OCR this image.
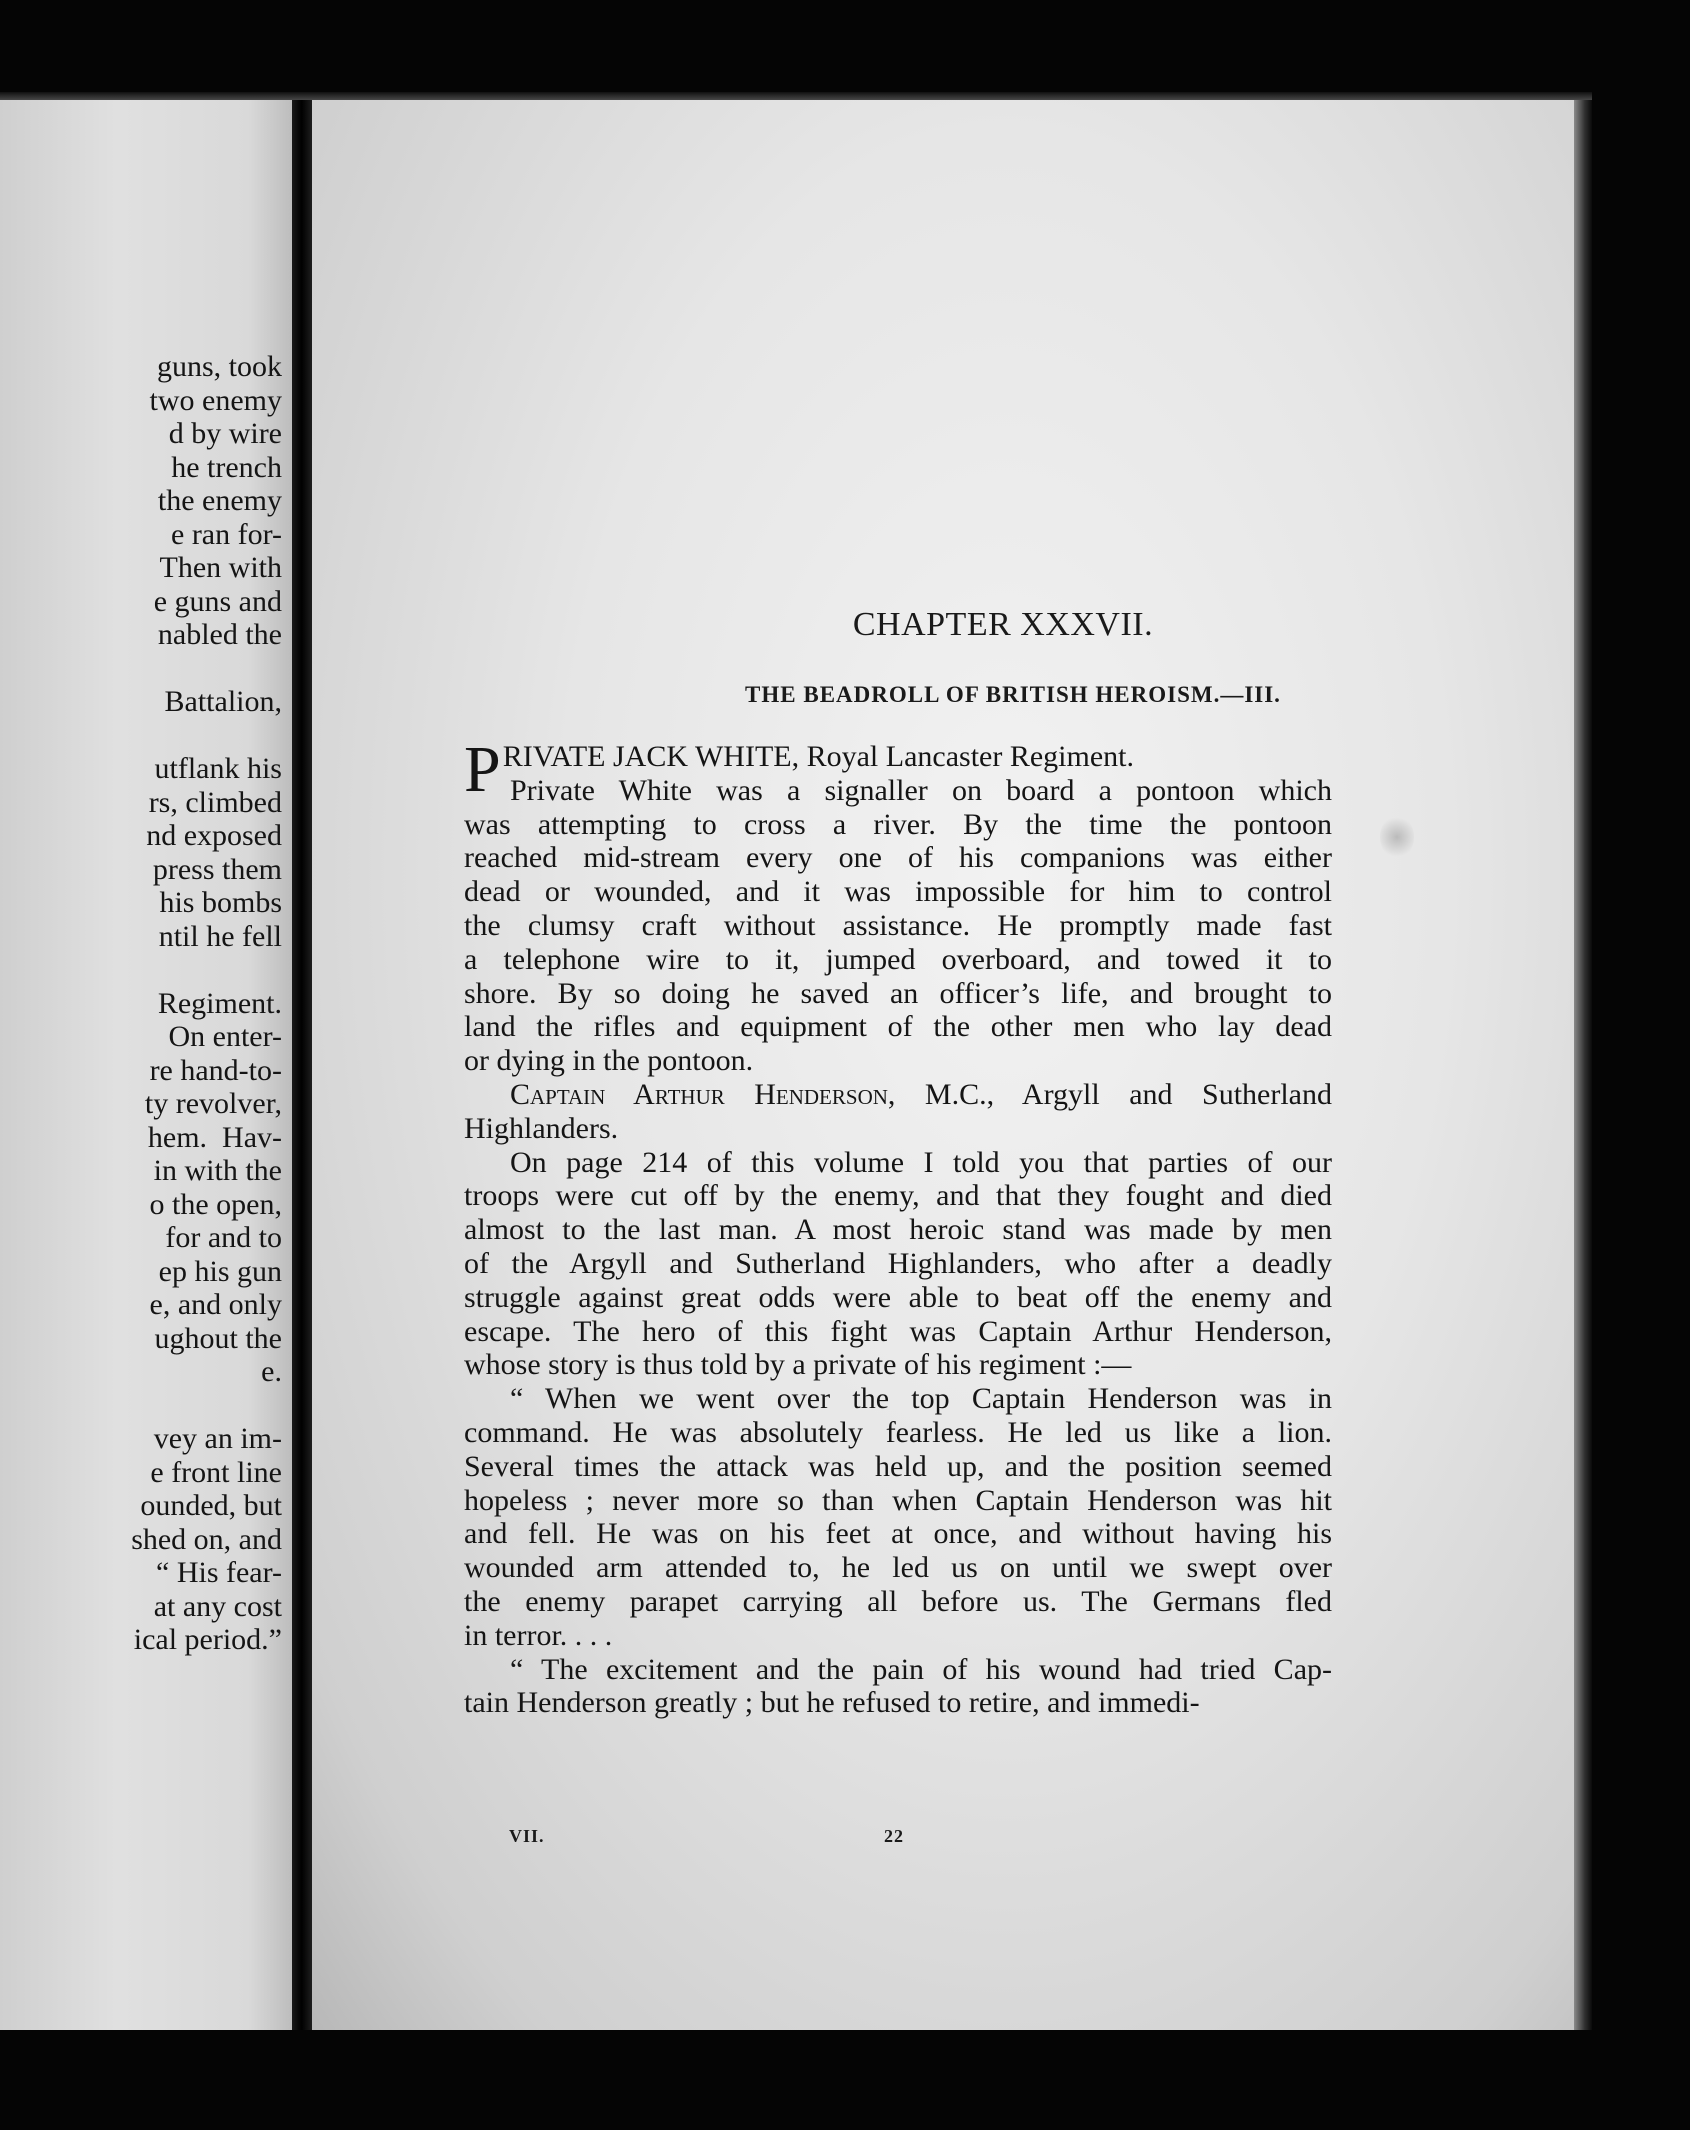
guns, took
two enemy
d by wire
he trench
the enemy
e ran for-
Then with
e guns and
nabled the

Battalion,

utflank his
rs, climbed
nd exposed
press them
his bombs
ntil he fell

Regiment.
On enter-
re hand-to-
ty revolver,
hem.  Hav-
in with the
o the open,
for and to
ep his gun
e, and only
ughout the
e.

vey an im-
e front line
ounded, but
shed on, and
“ His fear-
at any cost
ical period.”
CHAPTER XXXVII.
THE BEADROLL OF BRITISH HEROISM.—III.
PRIVATE JACK WHITE, Royal Lancaster Regiment.
Private White was a signaller on board a pontoon which
was attempting to cross a river. By the time the pontoon
reached mid-stream every one of his companions was either
dead or wounded, and it was impossible for him to control
the clumsy craft without assistance. He promptly made fast
a telephone wire to it, jumped overboard, and towed it to
shore. By so doing he saved an officer’s life, and brought to
land the rifles and equipment of the other men who lay dead
or dying in the pontoon.
Captain Arthur Henderson, M.C., Argyll and Sutherland
Highlanders.
On page 214 of this volume I told you that parties of our
troops were cut off by the enemy, and that they fought and died
almost to the last man. A most heroic stand was made by men
of the Argyll and Sutherland Highlanders, who after a deadly
struggle against great odds were able to beat off the enemy and
escape. The hero of this fight was Captain Arthur Henderson,
whose story is thus told by a private of his regiment :—
“ When we went over the top Captain Henderson was in
command. He was absolutely fearless. He led us like a lion.
Several times the attack was held up, and the position seemed
hopeless ; never more so than when Captain Henderson was hit
and fell. He was on his feet at once, and without having his
wounded arm attended to, he led us on until we swept over
the enemy parapet carrying all before us. The Germans fled
in terror. . . .
“ The excitement and the pain of his wound had tried Cap-
tain Henderson greatly ; but he refused to retire, and immedi-
VII.	22
